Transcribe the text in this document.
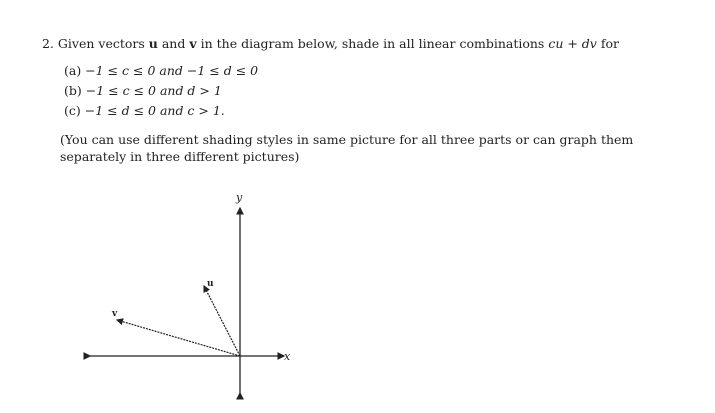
2. Given vectors u and v in the diagram below, shade in all linear combinations cu + dv for
(a) −1 ≤ c ≤ 0 and −1 ≤ d ≤ 0
(b) −1 ≤ c ≤ 0 and d > 1
(c) −1 ≤ d ≤ 0 and c > 1.
(You can use different shading styles in same picture for all three parts or can graph them separately in three different pictures)
x
y
u
v
